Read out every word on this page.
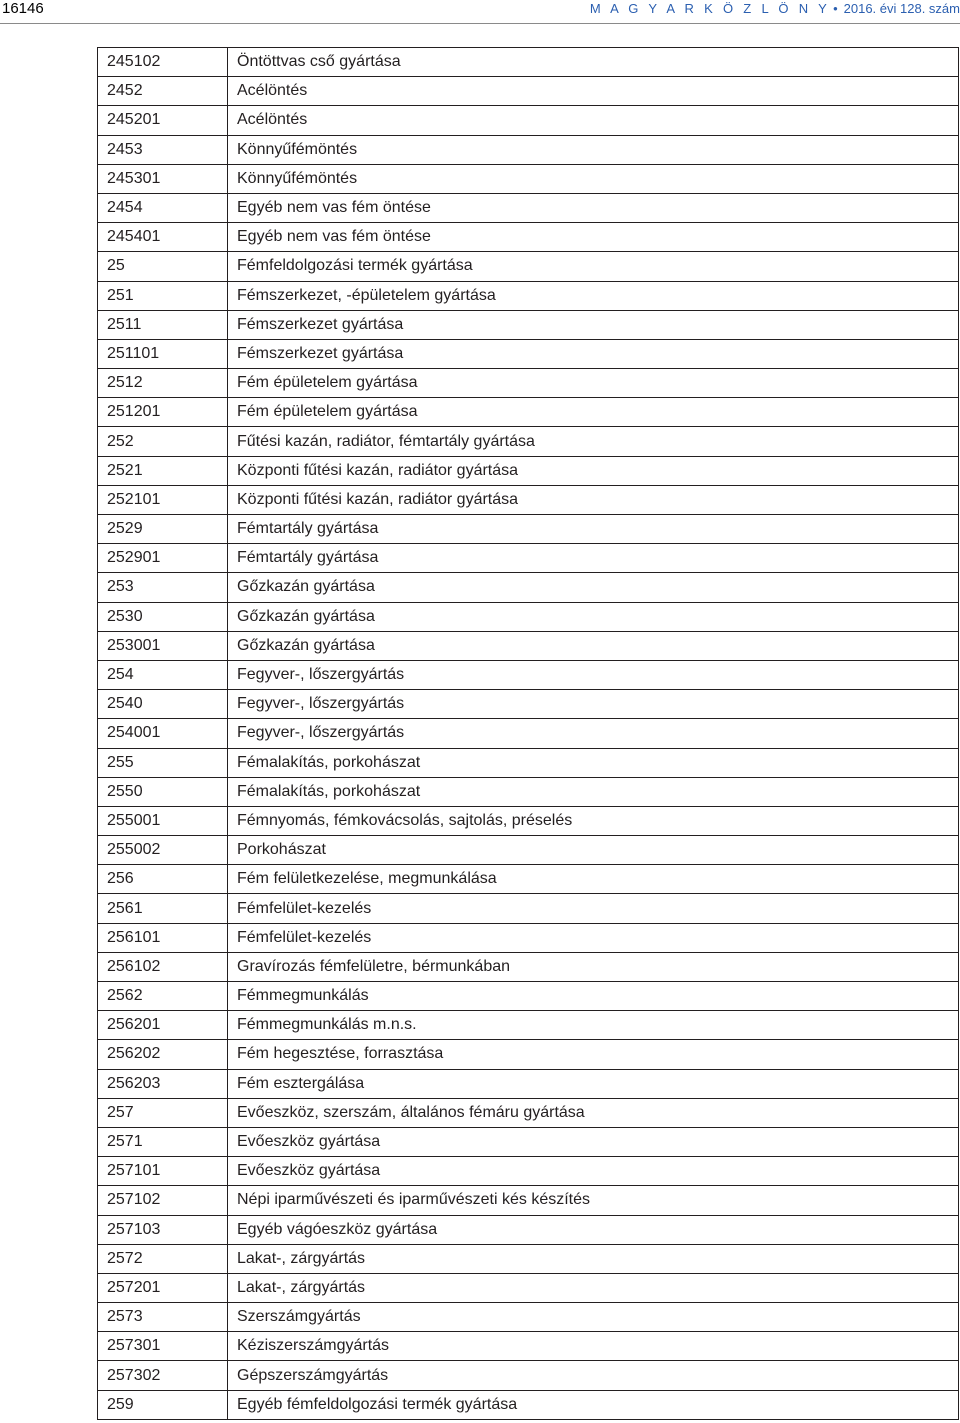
16146	M A G Y A R K Ö Z L Ö N Y • 2016. évi 128. szám
245102	Öntöttvas cső gyártása
2452	Acélöntés
245201	Acélöntés
2453	Könnyűfémöntés
245301	Könnyűfémöntés
2454	Egyéb nem vas fém öntése
245401	Egyéb nem vas fém öntése
25	Fémfeldolgozási termék gyártása
251	Fémszerkezet, -épületelem gyártása
2511	Fémszerkezet gyártása
251101	Fémszerkezet gyártása
2512	Fém épületelem gyártása
251201	Fém épületelem gyártása
252	Fűtési kazán, radiátor, fémtartály gyártása
2521	Központi fűtési kazán, radiátor gyártása
252101	Központi fűtési kazán, radiátor gyártása
2529	Fémtartály gyártása
252901	Fémtartály gyártása
253	Gőzkazán gyártása
2530	Gőzkazán gyártása
253001	Gőzkazán gyártása
254	Fegyver-, lőszergyártás
2540	Fegyver-, lőszergyártás
254001	Fegyver-, lőszergyártás
255	Fémalakítás, porkohászat
2550	Fémalakítás, porkohászat
255001	Fémnyomás, fémkovácsolás, sajtolás, préselés
255002	Porkohászat
256	Fém felületkezelése, megmunkálása
2561	Fémfelület-kezelés
256101	Fémfelület-kezelés
256102	Gravírozás fémfelületre, bérmunkában
2562	Fémmegmunkálás
256201	Fémmegmunkálás m.n.s.
256202	Fém hegesztése, forrasztása
256203	Fém esztergálása
257	Evőeszköz, szerszám, általános fémáru gyártása
2571	Evőeszköz gyártása
257101	Evőeszköz gyártása
257102	Népi iparművészeti és iparművészeti kés készítés
257103	Egyéb vágóeszköz gyártása
2572	Lakat-, zárgyártás
257201	Lakat-, zárgyártás
2573	Szerszámgyártás
257301	Kéziszerszámgyártás
257302	Gépszerszámgyártás
259	Egyéb fémfeldolgozási termék gyártása
